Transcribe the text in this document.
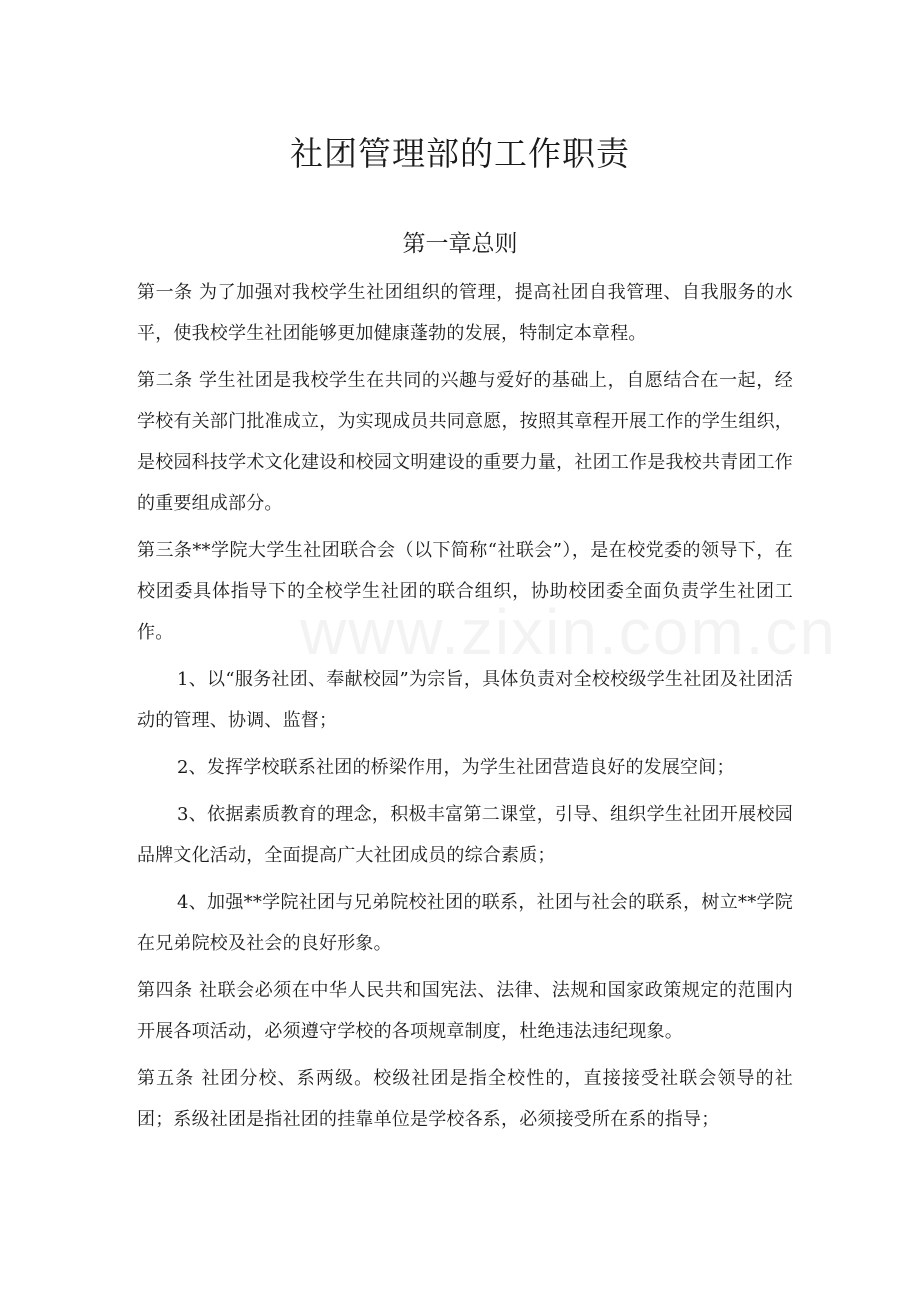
社团管理部的工作职责
第一章总则

第一条 为了加强对我校学生社团组织的管理，提高社团自我管理、自我服务的水平，使我校学生社团能够更加健康蓬勃的发展，特制定本章程。

第二条 学生社团是我校学生在共同的兴趣与爱好的基础上，自愿结合在一起，经学校有关部门批准成立，为实现成员共同意愿，按照其章程开展工作的学生组织，是校园科技学术文化建设和校园文明建设的重要力量，社团工作是我校共青团工作的重要组成部分。

第三条**学院大学生社团联合会（以下简称“社联会”），是在校党委的领导下，在校团委具体指导下的全校学生社团的联合组织，协助校团委全面负责学生社团工作。

1、以“服务社团、奉献校园”为宗旨，具体负责对全校校级学生社团及社团活动的管理、协调、监督；

2、发挥学校联系社团的桥梁作用，为学生社团营造良好的发展空间；

3、依据素质教育的理念，积极丰富第二课堂，引导、组织学生社团开展校园品牌文化活动，全面提高广大社团成员的综合素质；

4、加强**学院社团与兄弟院校社团的联系，社团与社会的联系，树立**学院在兄弟院校及社会的良好形象。

第四条 社联会必须在中华人民共和国宪法、法律、法规和国家政策规定的范围内开展各项活动，必须遵守学校的各项规章制度，杜绝违法违纪现象。

第五条 社团分校、系两级。校级社团是指全校性的，直接接受社联会领导的社团；系级社团是指社团的挂靠单位是学校各系，必须接受所在系的指导；
